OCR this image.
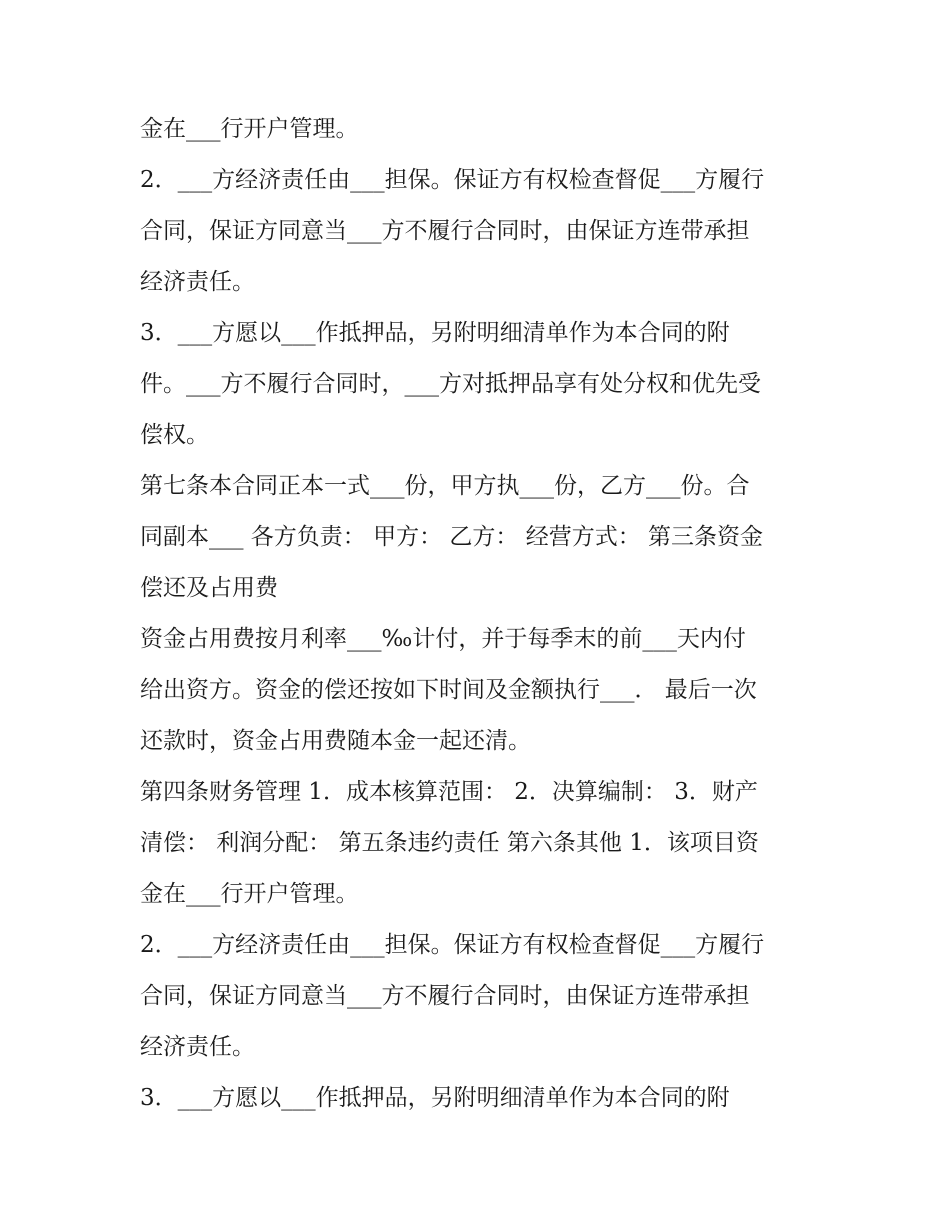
金在___行开户管理。
2．___方经济责任由___担保。保证方有权检查督促___方履行
合同，保证方同意当___方不履行合同时，由保证方连带承担
经济责任。
3．___方愿以___作抵押品，另附明细清单作为本合同的附
件。___方不履行合同时，___方对抵押品享有处分权和优先受
偿权。
第七条本合同正本一式___份，甲方执___份，乙方___份。合
同副本___ 各方负责： 甲方： 乙方： 经营方式： 第三条资金
偿还及占用费
资金占用费按月利率___‰计付，并于每季末的前___天内付
给出资方。资金的偿还按如下时间及金额执行___． 最后一次
还款时，资金占用费随本金一起还清。
第四条财务管理 1．成本核算范围： 2．决算编制： 3．财产
清偿： 利润分配： 第五条违约责任 第六条其他 1．该项目资
金在___行开户管理。
2．___方经济责任由___担保。保证方有权检查督促___方履行
合同，保证方同意当___方不履行合同时，由保证方连带承担
经济责任。
3．___方愿以___作抵押品，另附明细清单作为本合同的附
